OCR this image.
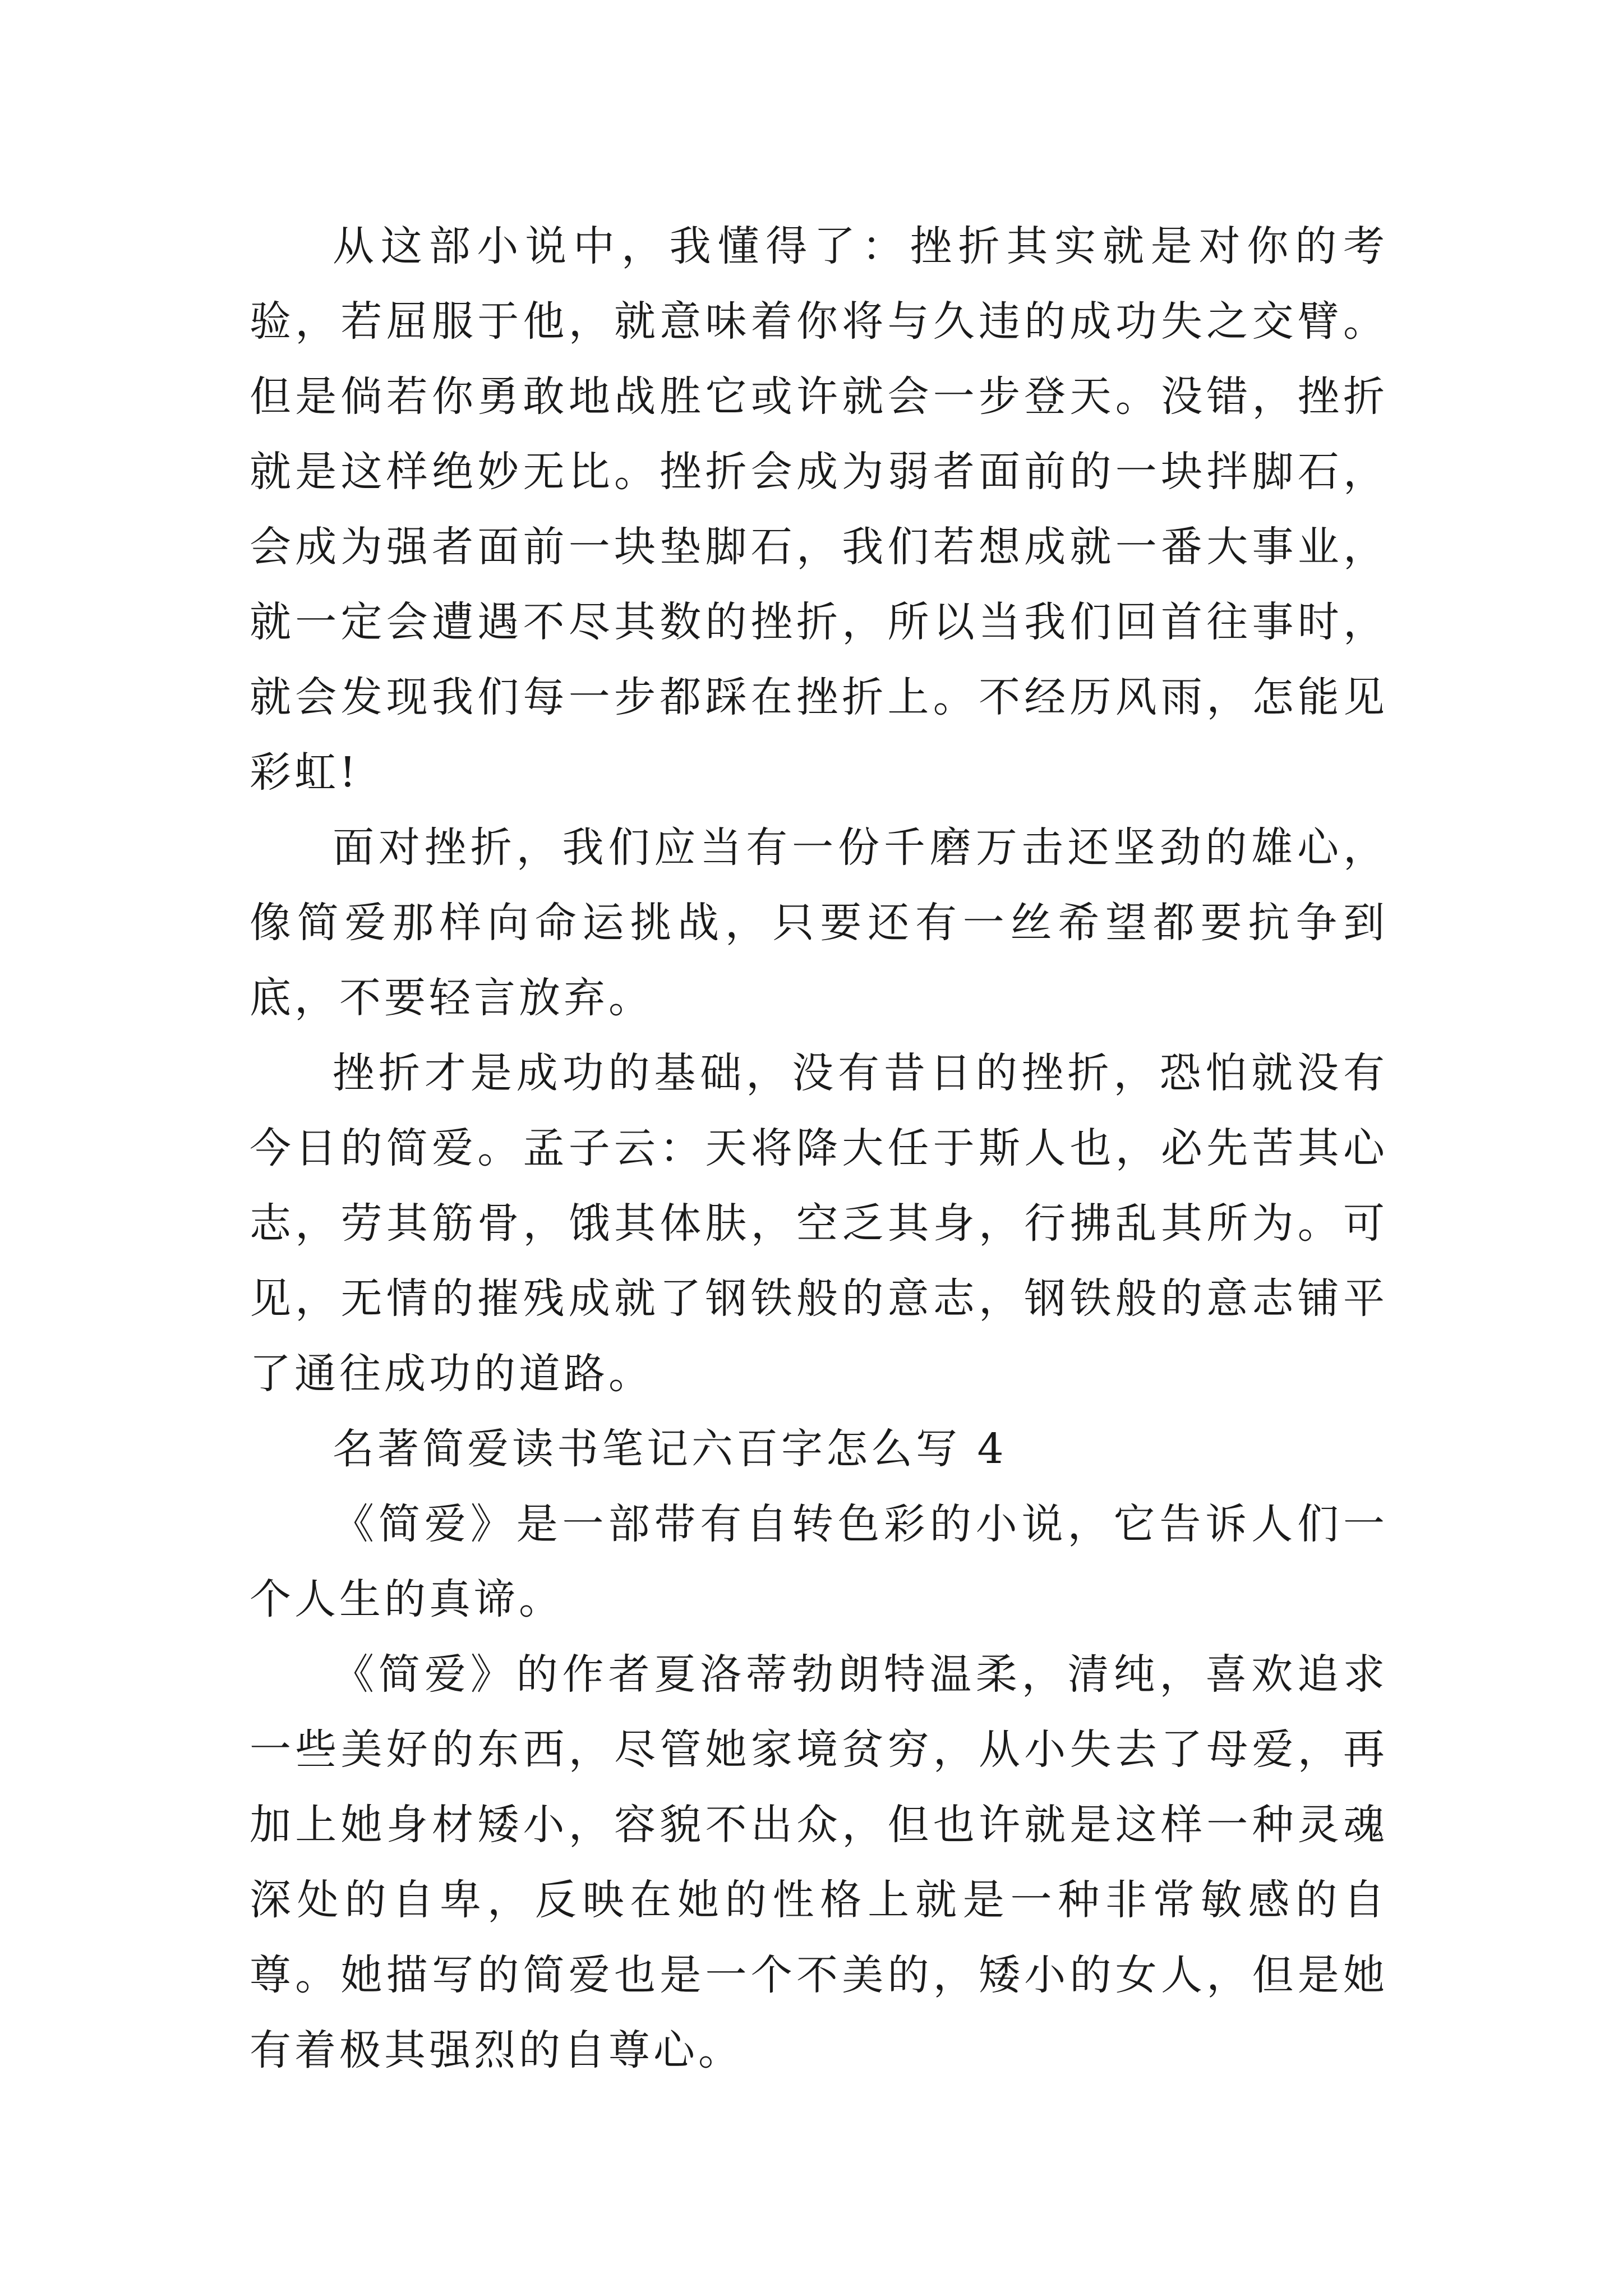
从这部小说中，我懂得了：挫折其实就是对你的考验，若屈服于他，就意味着你将与久违的成功失之交臂。但是倘若你勇敢地战胜它或许就会一步登天。没错，挫折就是这样绝妙无比。挫折会成为弱者面前的一块拌脚石，会成为强者面前一块垫脚石，我们若想成就一番大事业，就一定会遭遇不尽其数的挫折，所以当我们回首往事时，就会发现我们每一步都踩在挫折上。不经历风雨，怎能见彩虹!

面对挫折，我们应当有一份千磨万击还坚劲的雄心，像简爱那样向命运挑战，只要还有一丝希望都要抗争到底，不要轻言放弃。

挫折才是成功的基础，没有昔日的挫折，恐怕就没有今日的简爱。孟子云：天将降大任于斯人也，必先苦其心志，劳其筋骨，饿其体肤，空乏其身，行拂乱其所为。可见，无情的摧残成就了钢铁般的意志，钢铁般的意志铺平了通往成功的道路。

名著简爱读书笔记六百字怎么写 4

《简爱》是一部带有自转色彩的小说，它告诉人们一个人生的真谛。

《简爱》的作者夏洛蒂勃朗特温柔，清纯，喜欢追求一些美好的东西，尽管她家境贫穷，从小失去了母爱，再加上她身材矮小，容貌不出众，但也许就是这样一种灵魂深处的自卑，反映在她的性格上就是一种非常敏感的自尊。她描写的简爱也是一个不美的，矮小的女人，但是她有着极其强烈的自尊心。
